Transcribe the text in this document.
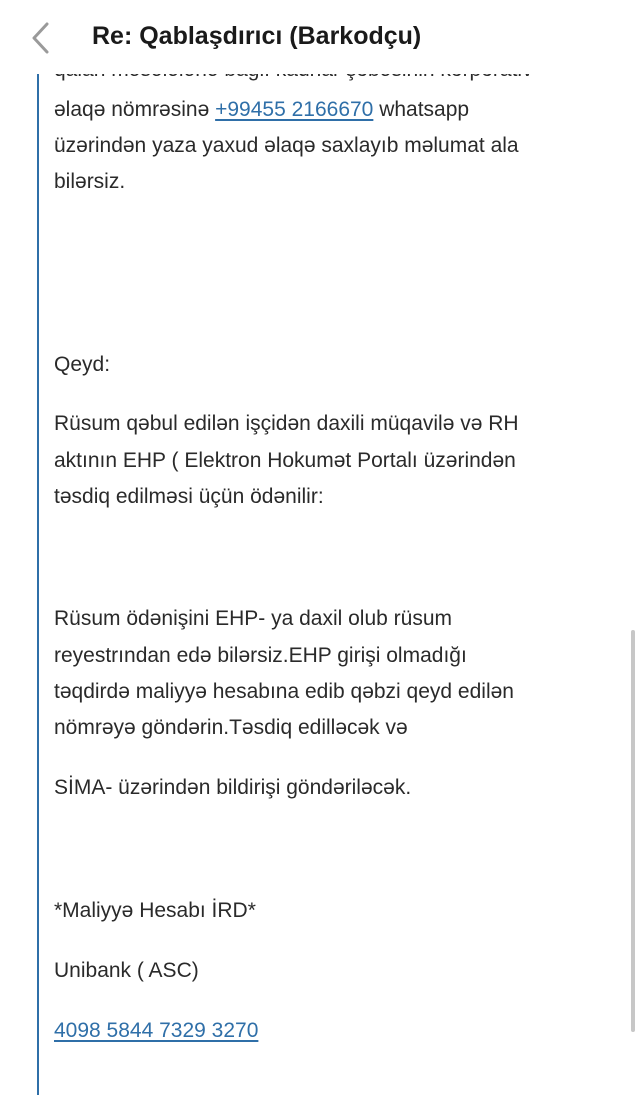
əlaqə nömrəsinə +99455 2166670 whatsapp
üzərindən yaza yaxud əlaqə saxlayıb məlumat ala
bilərsiz.
Qeyd:
Rüsum qəbul edilən işçidən daxili müqavilə və RH
aktının EHP ( Elektron Hokumət Portalı üzərindən
təsdiq edilməsi üçün ödənilir:
Rüsum ödənişini EHP- ya daxil olub rüsum
reyestrından edə bilərsiz.EHP girişi olmadığı
təqdirdə maliyyə hesabına edib qəbzi qeyd edilən
nömrəyə göndərin.Təsdiq edilləcək və
SİMA- üzərindən bildirişi göndəriləcək.
*Maliyyə Hesabı İRD*
Unibank ( ASC)
4098 5844 7329 3270
Re: Qablaşdırıcı (Barkodçu)
